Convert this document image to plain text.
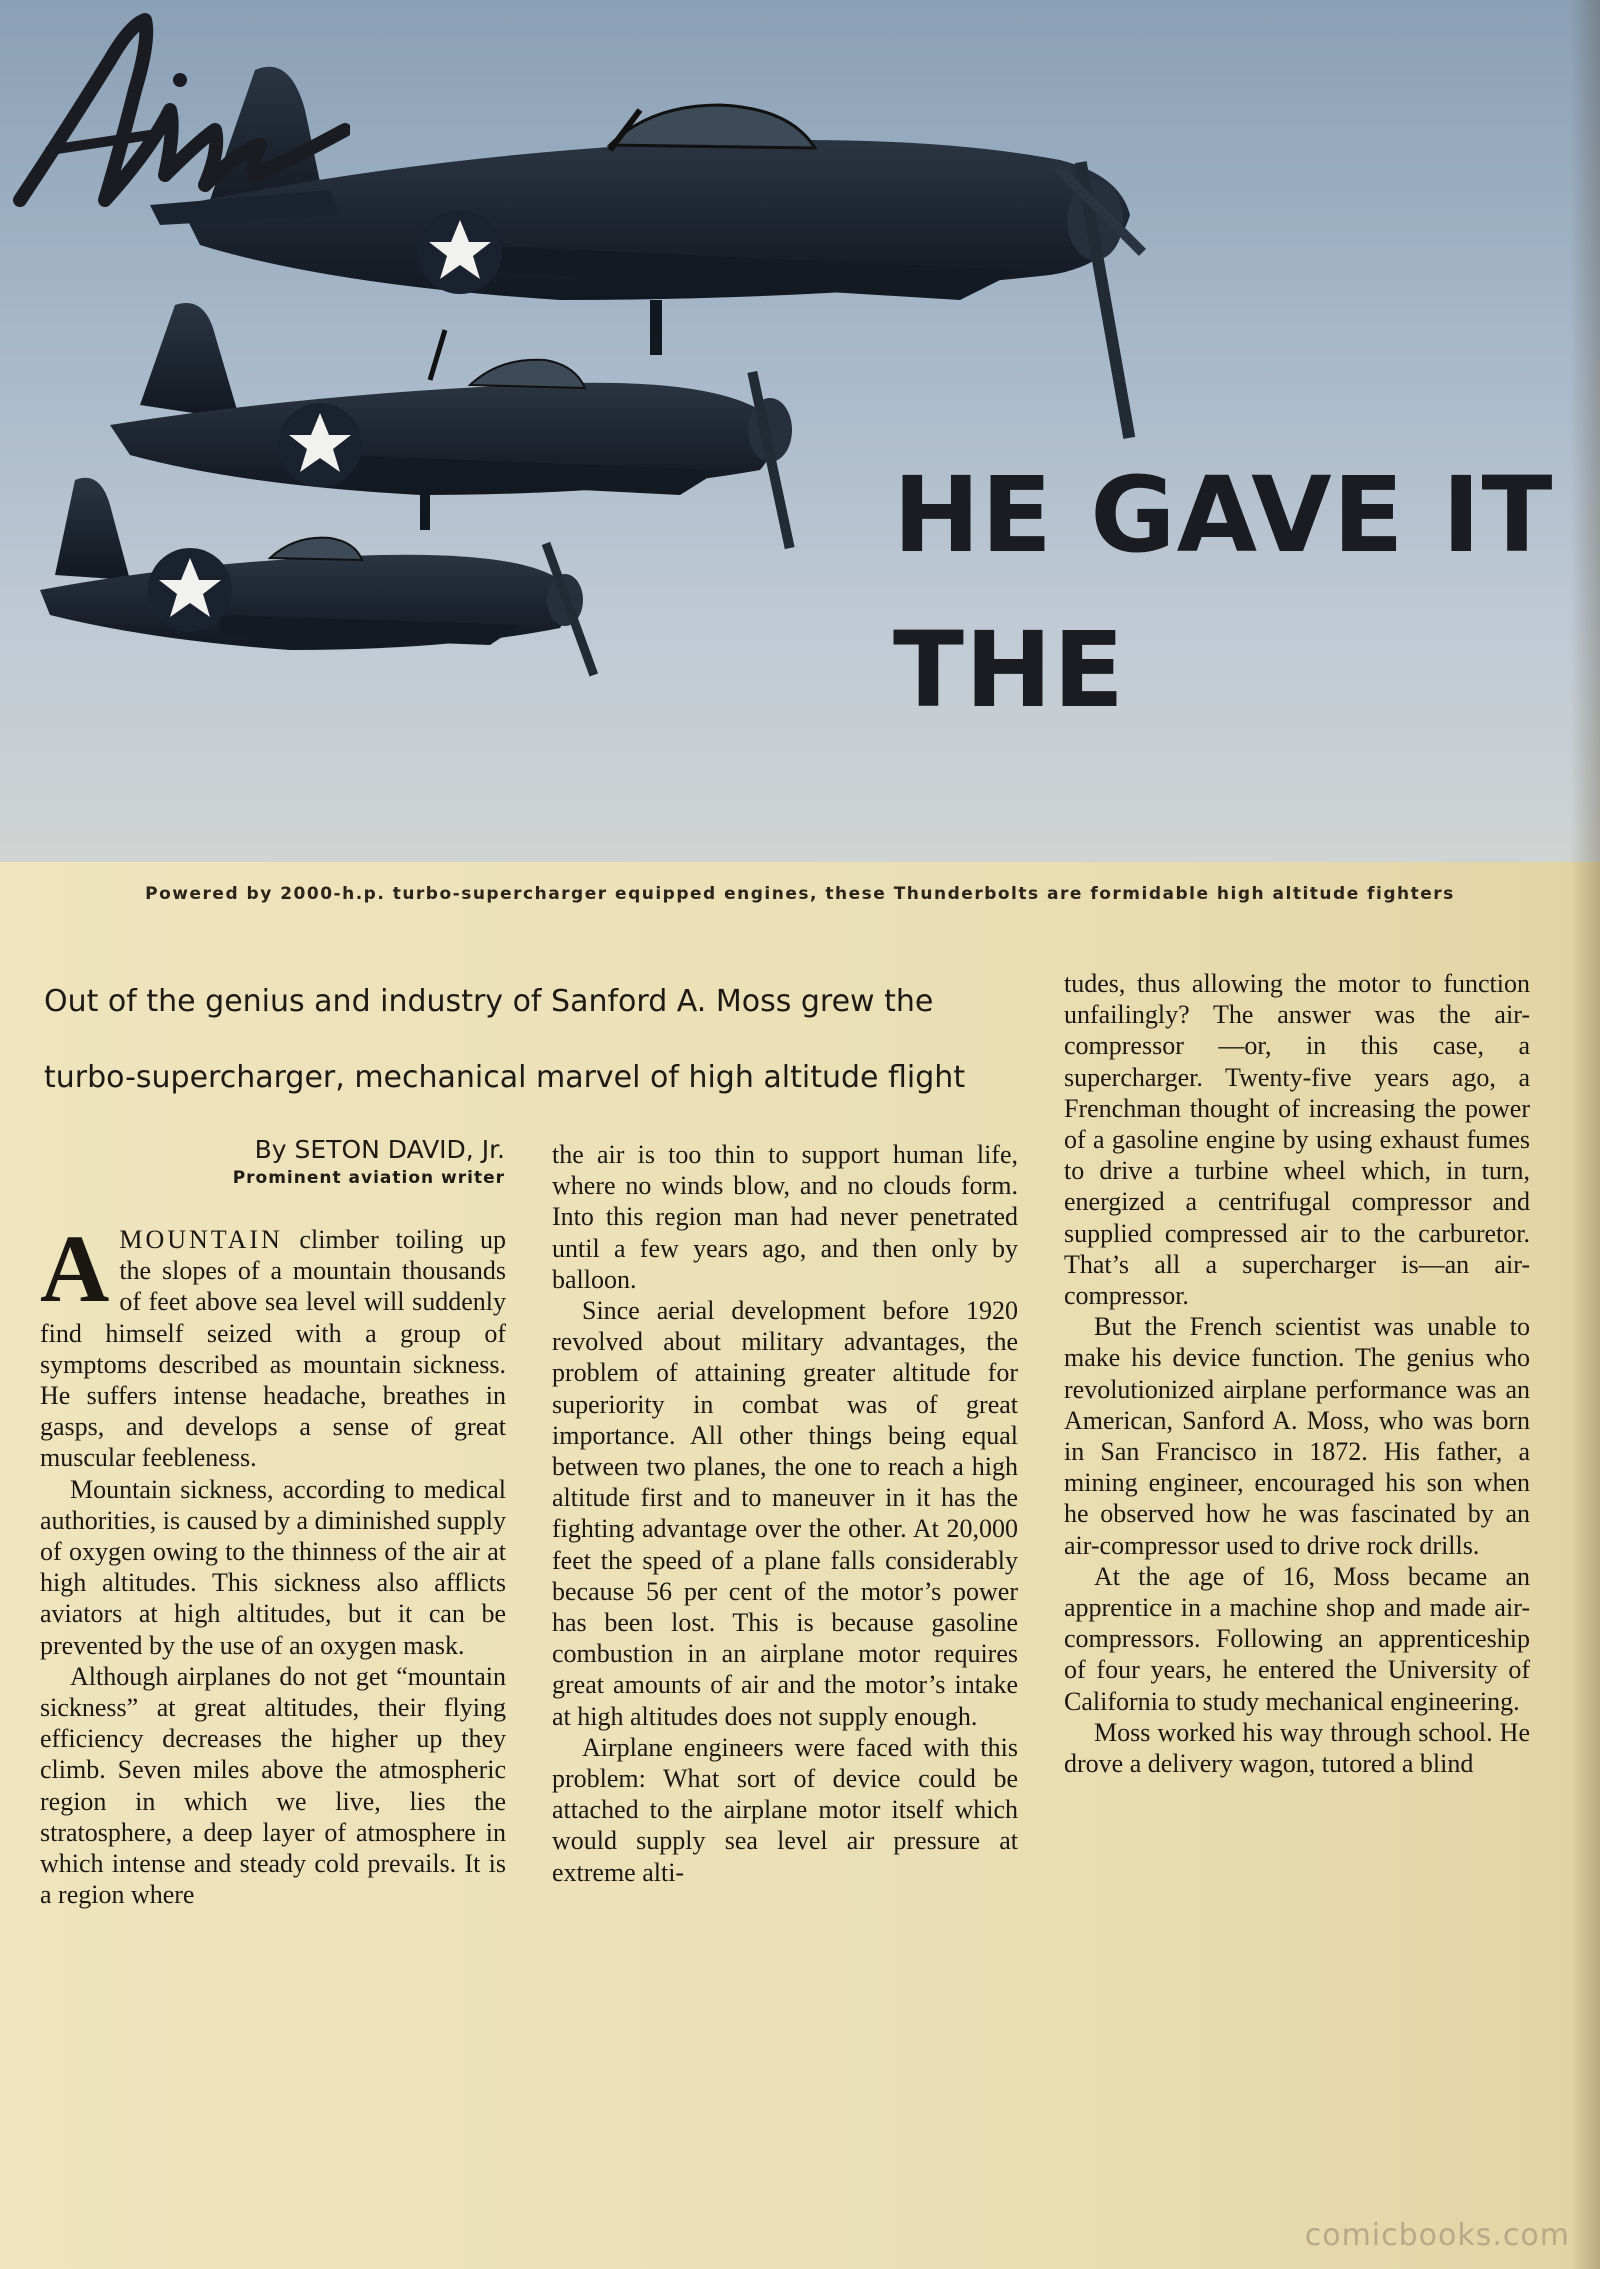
HE GAVE IT
THE
Powered by 2000-h.p. turbo-supercharger equipped engines, these Thunderbolts are formidable high altitude fighters
Out of the genius and industry of Sanford A. Moss grew the
turbo-supercharger, mechanical marvel of high altitude flight
By SETON DAVID, Jr.
Prominent aviation writer

AMOUNTAIN climber toiling up the slopes of a mountain thousands of feet above sea level will suddenly find himself seized with a group of symptoms described as mountain sickness. He suffers intense headache, breathes in gasps, and develops a sense of great muscular feebleness.

Mountain sickness, according to medical authorities, is caused by a diminished supply of oxygen owing to the thinness of the air at high altitudes. This sickness also afflicts aviators at high altitudes, but it can be prevented by the use of an oxygen mask.

Although airplanes do not get “mountain sickness” at great altitudes, their flying efficiency decreases the higher up they climb. Seven miles above the atmospheric region in which we live, lies the stratosphere, a deep layer of atmosphere in which intense and steady cold prevails. It is a region where

the air is too thin to support human life, where no winds blow, and no clouds form. Into this region man had never penetrated until a few years ago, and then only by balloon.

Since aerial development before 1920 revolved about military advantages, the problem of attaining greater altitude for superiority in combat was of great importance. All other things being equal between two planes, the one to reach a high altitude first and to maneuver in it has the fighting advantage over the other. At 20,000 feet the speed of a plane falls considerably because 56 per cent of the motor’s power has been lost. This is because gasoline combustion in an airplane motor requires great amounts of air and the motor’s intake at high altitudes does not supply enough.

Airplane engineers were faced with this problem: What sort of device could be attached to the airplane motor itself which would supply sea level air pressure at extreme alti-

tudes, thus allowing the motor to function unfailingly? The answer was the air-compressor —or, in this case, a supercharger. Twenty-five years ago, a Frenchman thought of increasing the power of a gasoline engine by using exhaust fumes to drive a turbine wheel which, in turn, energized a centrifugal compressor and supplied compressed air to the carburetor. That’s all a supercharger is—an air-compressor.

But the French scientist was unable to make his device function. The genius who revolutionized airplane performance was an American, Sanford A. Moss, who was born in San Francisco in 1872. His father, a mining engineer, encouraged his son when he observed how he was fascinated by an air-compressor used to drive rock drills.

At the age of 16, Moss became an apprentice in a machine shop and made air-compressors. Following an apprenticeship of four years, he entered the University of California to study mechanical engineering.

Moss worked his way through school. He drove a delivery wagon, tutored a blind

comicbooks.com
